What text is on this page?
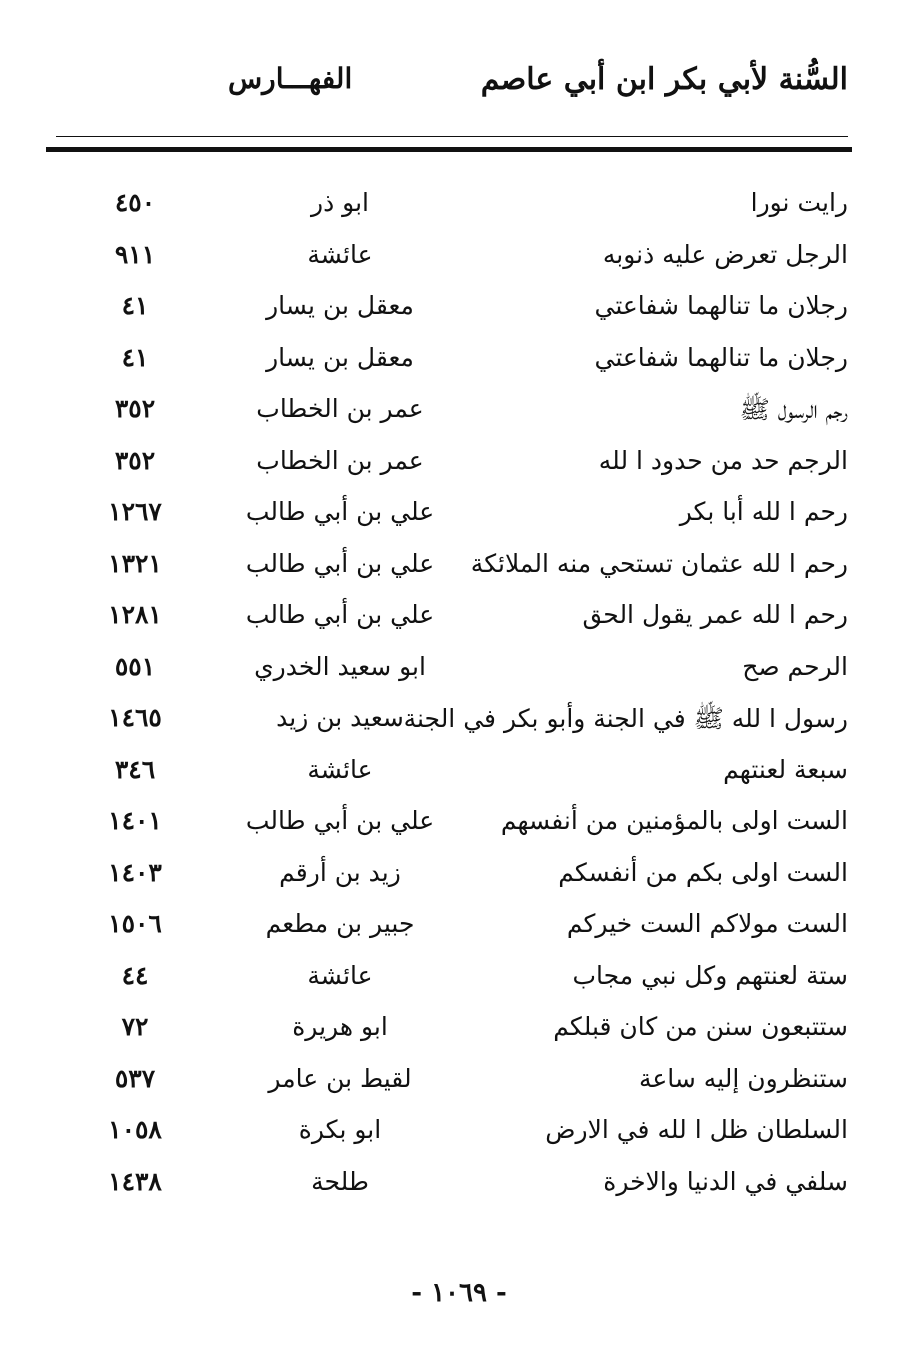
السُّنة لأبي بكر ابن أبي عاصم
الفهـــارس
رايت نورا
ابو ذر
٤٥٠
الرجل تعرض عليه ذنوبه
عائشة
٩١١
رجلان ما تنالهما شفاعتي
معقل بن يسار
٤١
رجلان ما تنالهما شفاعتي
معقل بن يسار
٤١
رجم الرسول ﷺ
عمر بن الخطاب
٣٥٢
الرجم حد من حدود ا لله
عمر بن الخطاب
٣٥٢
رحم ا لله أبا بكر
علي بن أبي طالب
١٢٦٧
رحم ا لله عثمان تستحي منه الملائكة
علي بن أبي طالب
١٣٢١
رحم ا لله عمر يقول الحق
علي بن أبي طالب
١٢٨١
الرحم صح
ابو سعيد الخدري
٥٥١
رسول ا لله ﷺ في الجنة وأبو بكر في الجنة
سعيد بن زيد
١٤٦٥
سبعة لعنتهم
عائشة
٣٤٦
الست اولى بالمؤمنين من أنفسهم
علي بن أبي طالب
١٤٠١
الست اولى بكم من أنفسكم
زيد بن أرقم
١٤٠٣
الست مولاكم الست خيركم
جبير بن مطعم
١٥٠٦
ستة لعنتهم وكل نبي مجاب
عائشة
٤٤
ستتبعون سنن من كان قبلكم
ابو هريرة
٧٢
ستنظرون إليه ساعة
لقيط بن عامر
٥٣٧
السلطان ظل ا لله في الارض
ابو بكرة
١٠٥٨
سلفي في الدنيا والاخرة
طلحة
١٤٣٨
- ١٠٦٩ -
